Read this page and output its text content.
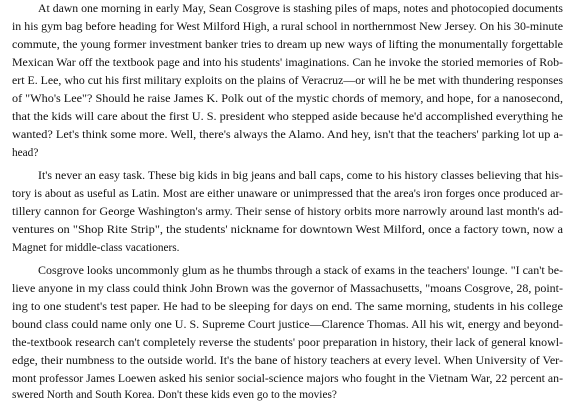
At dawn one morning in early May, Sean Cosgrove is stashing piles of maps, notes and photocopied documents
in his gym bag before heading for West Milford High, a rural school in northernmost New Jersey. On his 30-minute
commute, the young former investment banker tries to dream up new ways of lifting the monumentally forgettable
Mexican War off the textbook page and into his students' imaginations. Can he invoke the storied memories of Rob-
ert E. Lee, who cut his first military exploits on the plains of Veracruz—or will he be met with thundering responses
of "Who's Lee"? Should he raise James K. Polk out of the mystic chords of memory, and hope, for a nanosecond,
that the kids will care about the first U. S. president who stepped aside because he'd accomplished everything he
wanted? Let's think some more. Well, there's always the Alamo. And hey, isn't that the teachers' parking lot up a-
head?
It's never an easy task. These big kids in big jeans and ball caps, come to his history classes believing that his-
tory is about as useful as Latin. Most are either unaware or unimpressed that the area's iron forges once produced ar-
tillery cannon for George Washington's army. Their sense of history orbits more narrowly around last month's ad-
ventures on "Shop Rite Strip", the students' nickname for downtown West Milford, once a factory town, now a
Magnet for middle-class vacationers.
Cosgrove looks uncommonly glum as he thumbs through a stack of exams in the teachers' lounge. "I can't be-
lieve anyone in my class could think John Brown was the governor of Massachusetts, "moans Cosgrove, 28, point-
ing to one student's test paper. He had to be sleeping for days on end. The same morning, students in his college
bound class could name only one U. S. Supreme Court justice—Clarence Thomas. All his wit, energy and beyond-
the-textbook research can't completely reverse the students' poor preparation in history, their lack of general knowl-
edge, their numbness to the outside world. It's the bane of history teachers at every level. When University of Ver-
mont professor James Loewen asked his senior social-science majors who fought in the Vietnam War, 22 percent an-
swered North and South Korea. Don't these kids even go to the movies?
